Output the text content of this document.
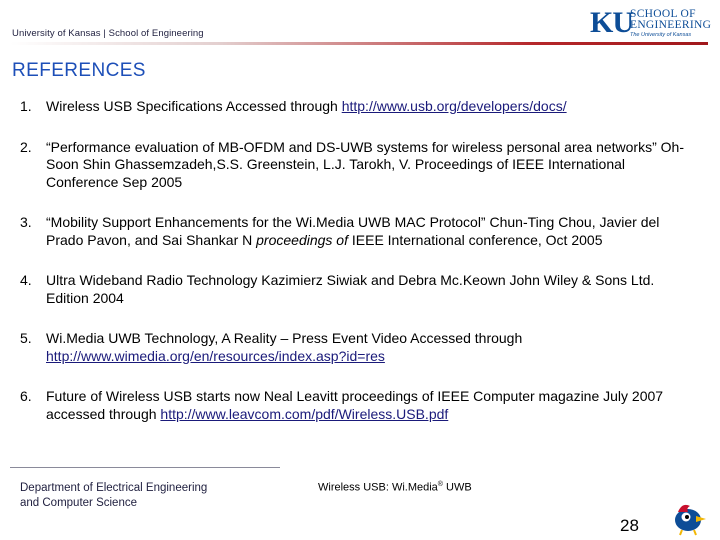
University of Kansas | School of Engineering	KU
SCHOOL OF
ENGINEERING
The University of Kansas
REFERENCES
1.	Wireless USB Specifications Accessed through http://www.usb.org/developers/docs/
2.	“Performance evaluation of MB-OFDM and DS-UWB systems for wireless personal area networks” Oh-Soon Shin Ghassemzadeh,S.S. Greenstein, L.J. Tarokh, V. Proceedings of IEEE International Conference Sep 2005
3.	“Mobility Support Enhancements for the Wi.Media UWB MAC Protocol” Chun-Ting Chou, Javier del Prado Pavon, and Sai Shankar N proceedings of IEEE International conference, Oct 2005
4.	Ultra Wideband Radio Technology Kazimierz Siwiak and Debra Mc.Keown John Wiley & Sons Ltd. Edition 2004
5.	Wi.Media UWB Technology, A Reality – Press Event Video Accessed through http://www.wimedia.org/en/resources/index.asp?id=res
6.	Future of Wireless USB starts now Neal Leavitt proceedings of IEEE Computer magazine July 2007 accessed through http://www.leavcom.com/pdf/Wireless.USB.pdf
Department of Electrical Engineering
and Computer Science
Wireless USB: Wi.Media® UWB
28
